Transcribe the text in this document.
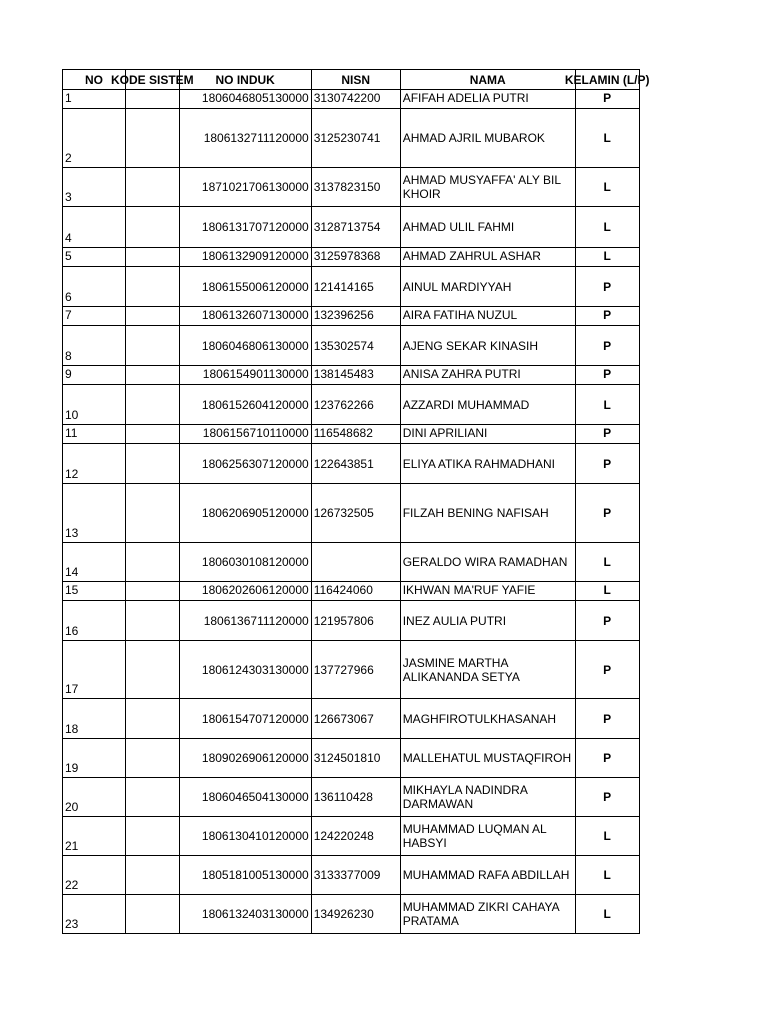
NO	KODE SISTEM	NO INDUK	NISN	NAMA	KELAMIN (L/P)

1		1806046805130000	3130742200	AFIFAH ADELIA PUTRI	P
2		1806132711120000	3125230741	AHMAD AJRIL MUBAROK	L
3		1871021706130000	3137823150	AHMAD MUSYAFFA' ALY BIL KHOIR	L
4		1806131707120000	3128713754	AHMAD ULIL FAHMI	L
5		1806132909120000	3125978368	AHMAD ZAHRUL ASHAR	L
6		1806155006120000	121414165	AINUL MARDIYYAH	P
7		1806132607130000	132396256	AIRA FATIHA NUZUL	P
8		1806046806130000	135302574	AJENG SEKAR KINASIH	P
9		1806154901130000	138145483	ANISA ZAHRA PUTRI	P
10		1806152604120000	123762266	AZZARDI MUHAMMAD	L
11		1806156710110000	116548682	DINI APRILIANI	P
12		1806256307120000	122643851	ELIYA ATIKA RAHMADHANI	P
13		1806206905120000	126732505	FILZAH BENING NAFISAH	P
14		1806030108120000		GERALDO WIRA RAMADHAN	L
15		1806202606120000	116424060	IKHWAN MA'RUF YAFIE	L
16		1806136711120000	121957806	INEZ AULIA PUTRI	P
17		1806124303130000	137727966	JASMINE MARTHA ALIKANANDA SETYA	P
18		1806154707120000	126673067	MAGHFIROTULKHASANAH	P
19		1809026906120000	3124501810	MALLEHATUL MUSTAQFIROH	P
20		1806046504130000	136110428	MIKHAYLA NADINDRA DARMAWAN	P
21		1806130410120000	124220248	MUHAMMAD LUQMAN AL HABSYI	L
22		1805181005130000	3133377009	MUHAMMAD RAFA ABDILLAH	L
23		1806132403130000	134926230	MUHAMMAD ZIKRI CAHAYA PRATAMA	L
